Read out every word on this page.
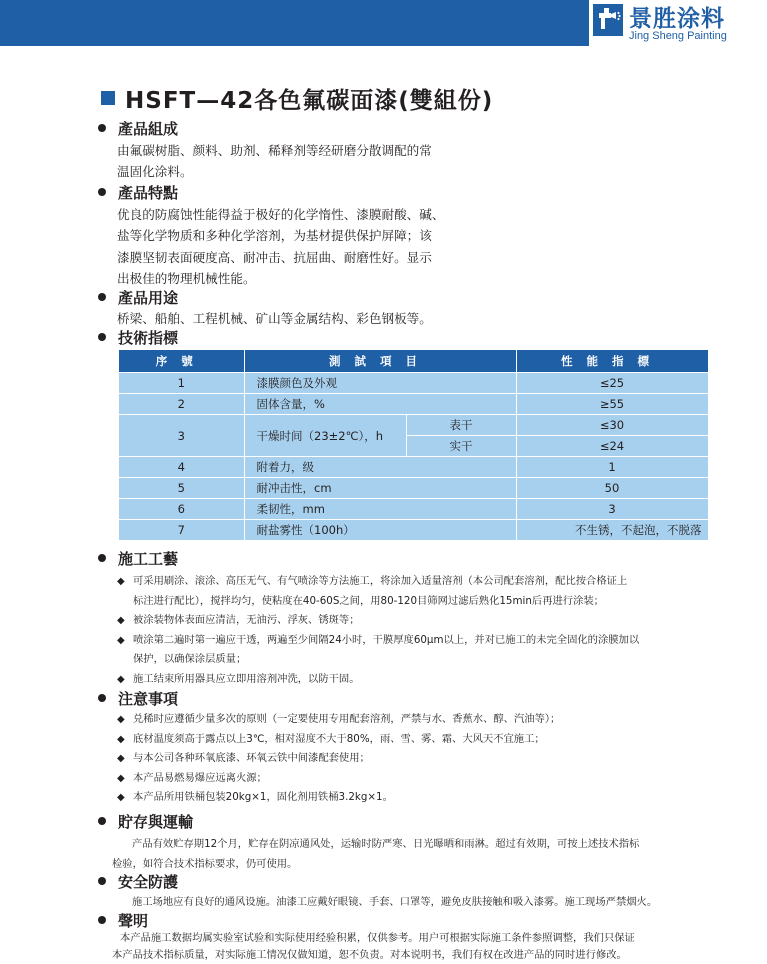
景胜涂料
Jing Sheng Painting
HSFT—42各色氟碳面漆(雙組份)
產品組成
由氟碳树脂、颜料、助剂、稀释剂等经研磨分散调配的常
温固化涂料。
產品特點
优良的防腐蚀性能得益于极好的化学惰性、漆膜耐酸、碱、
盐等化学物质和多种化学溶剂，为基材提供保护屏障；该
漆膜坚韧表面硬度高、耐冲击、抗屈曲、耐磨性好。显示
出极佳的物理机械性能。
產品用途
桥梁、船舶、工程机械、矿山等金属结构、彩色钢板等。
技術指標
序號	測試項目		性能指標
1	漆膜颜色及外观		≤25
2	固体含量，%		≥55
3	干燥时间（23±2℃），h	表干	≤30
		实干	≤24
4	附着力，级		1
5	耐冲击性，cm		50
6	柔韧性，mm		3
7	耐盐雾性（100h）		不生锈，不起泡，不脱落
施工工藝
◆ 可采用刷涂、滚涂、高压无气、有气喷涂等方法施工，将涂加入适量溶剂（本公司配套溶剂，配比按合格证上
标注进行配比），搅拌均匀，使粘度在40-60S之间，用80-120目筛网过滤后熟化15min后再进行涂装；
◆ 被涂装物体表面应清洁，无油污、浮灰、锈斑等；
◆ 喷涂第二遍时第一遍应干透，两遍至少间隔24小时，干膜厚度60μm以上，并对已施工的未完全固化的涂膜加以
保护，以确保涂层质量；
◆ 施工结束所用器具应立即用溶剂冲洗，以防干固。
注意事項
◆ 兑稀时应遵循少量多次的原则（一定要使用专用配套溶剂，严禁与水、香蕉水、醇、汽油等）；
◆ 底材温度须高于露点以上3℃，相对湿度不大于80%，雨、雪、雾、霜、大风天不宜施工；
◆ 与本公司各种环氧底漆、环氧云铁中间漆配套使用；
◆ 本产品易燃易爆应远离火源；
◆ 本产品所用铁桶包装20kg×1，固化剂用铁桶3.2kg×1。
貯存與運輸
产品有效贮存期12个月，贮存在阴凉通风处，运输时防严寒、日光曝晒和雨淋。超过有效期，可按上述技术指标
检验，如符合技术指标要求，仍可使用。
安全防護
施工场地应有良好的通风设施。油漆工应戴好眼镜、手套、口罩等，避免皮肤接触和吸入漆雾。施工现场严禁烟火。
聲明
本产品施工数据均属实验室试验和实际使用经验积累，仅供参考。用户可根据实际施工条件参照调整，我们只保证
本产品技术指标质量，对实际施工情况仅做知道，恕不负责。对本说明书，我们有权在改进产品的同时进行修改。
